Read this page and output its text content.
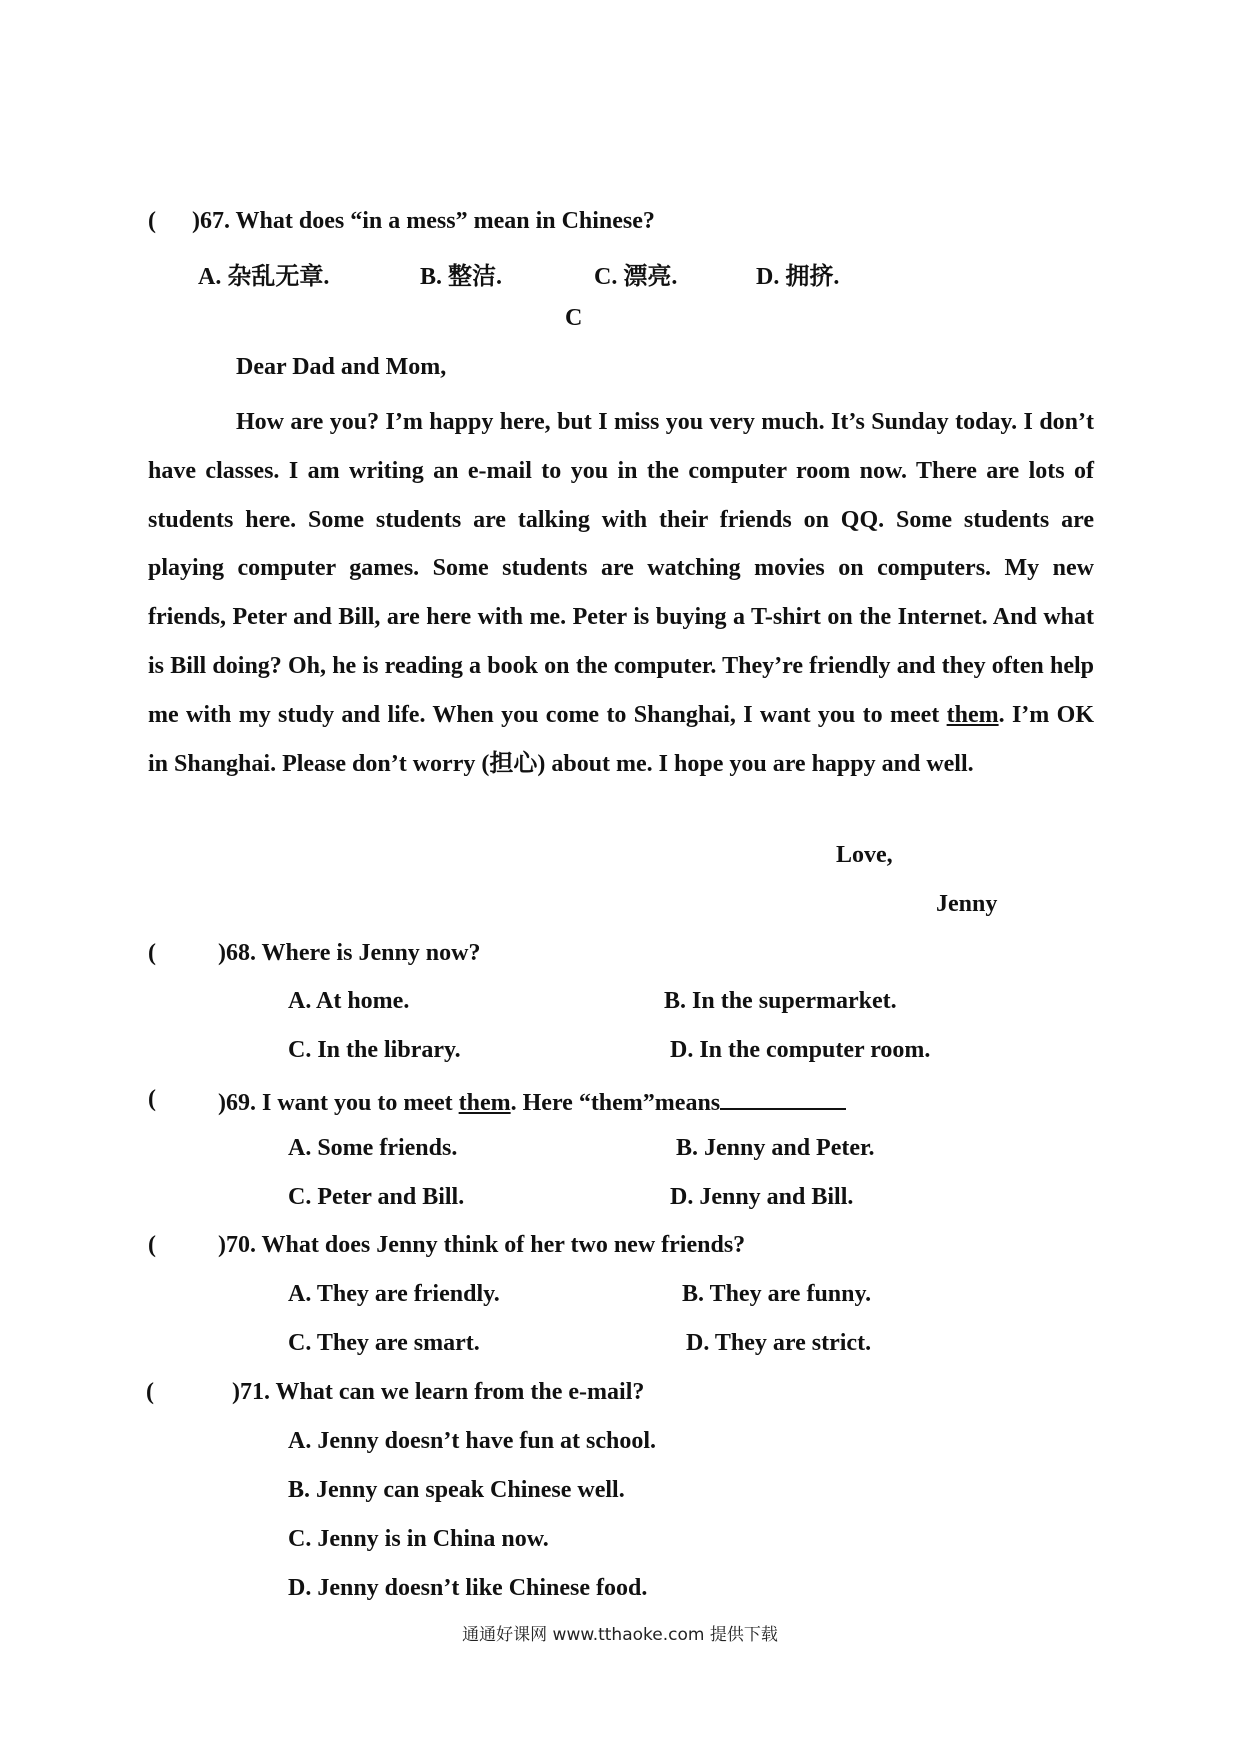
( )67. What does “in a mess” mean in Chinese?
A. 杂乱无章.	B. 整洁.	C. 漂亮.	D. 拥挤.
C
Dear Dad and Mom,
How are you? I’m happy here, but I miss you very much. It’s Sunday today. I don’t have classes. I am writing an e-mail to you in the computer room now. There are lots of students here. Some students are talking with their friends on QQ. Some students are playing computer games. Some students are watching movies on computers. My new friends, Peter and Bill, are here with me. Peter is buying a T-shirt on the Internet. And what is Bill doing? Oh, he is reading a book on the computer. They’re friendly and they often help me with my study and life. When you come to Shanghai, I want you to meet them. I’m OK in Shanghai. Please don’t worry (担心) about me. I hope you are happy and well.
Love,
Jenny
(	)68. Where is Jenny now?
A. At home.	B. In the supermarket.
C. In the library.	D. In the computer room.
(	)69. I want you to meet them. Here “them”means
A. Some friends.	B. Jenny and Peter.
C. Peter and Bill.	D. Jenny and Bill.
(	)70. What does Jenny think of her two new friends?
A. They are friendly.	B. They are funny.
C. They are smart.	D. They are strict.
(	)71. What can we learn from the e-mail?
A. Jenny doesn’t have fun at school.
B. Jenny can speak Chinese well.
C. Jenny is in China now.
D. Jenny doesn’t like Chinese food.
通通好课网 www.tthaoke.com 提供下载
